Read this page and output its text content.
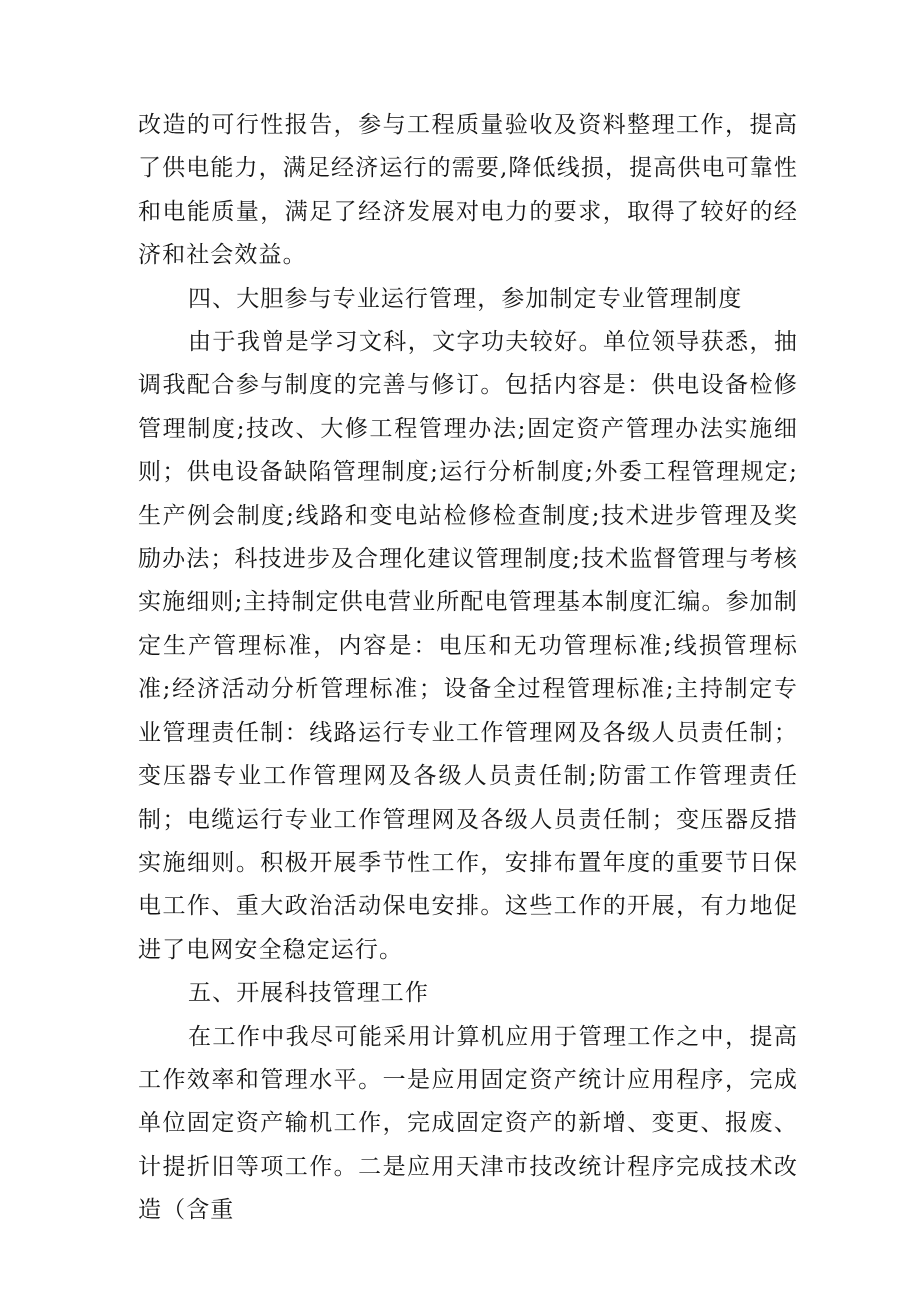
改造的可行性报告，参与工程质量验收及资料整理工作，提高了供电能力，满足经济运行的需要,降低线损，提高供电可靠性和电能质量，满足了经济发展对电力的要求，取得了较好的经济和社会效益。

四、大胆参与专业运行管理，参加制定专业管理制度

由于我曾是学习文科，文字功夫较好。单位领导获悉，抽调我配合参与制度的完善与修订。包括内容是：供电设备检修管理制度;技改、大修工程管理办法;固定资产管理办法实施细则；供电设备缺陷管理制度;运行分析制度;外委工程管理规定;生产例会制度;线路和变电站检修检查制度;技术进步管理及奖励办法；科技进步及合理化建议管理制度;技术监督管理与考核实施细则;主持制定供电营业所配电管理基本制度汇编。参加制定生产管理标准，内容是：电压和无功管理标准;线损管理标准;经济活动分析管理标准；设备全过程管理标准;主持制定专业管理责任制：线路运行专业工作管理网及各级人员责任制；变压器专业工作管理网及各级人员责任制;防雷工作管理责任制；电缆运行专业工作管理网及各级人员责任制；变压器反措实施细则。积极开展季节性工作，安排布置年度的重要节日保电工作、重大政治活动保电安排。这些工作的开展，有力地促进了电网安全稳定运行。

五、开展科技管理工作

在工作中我尽可能采用计算机应用于管理工作之中，提高工作效率和管理水平。一是应用固定资产统计应用程序，完成单位固定资产输机工作，完成固定资产的新增、变更、报废、计提折旧等项工作。二是应用天津市技改统计程序完成技术改造（含重
